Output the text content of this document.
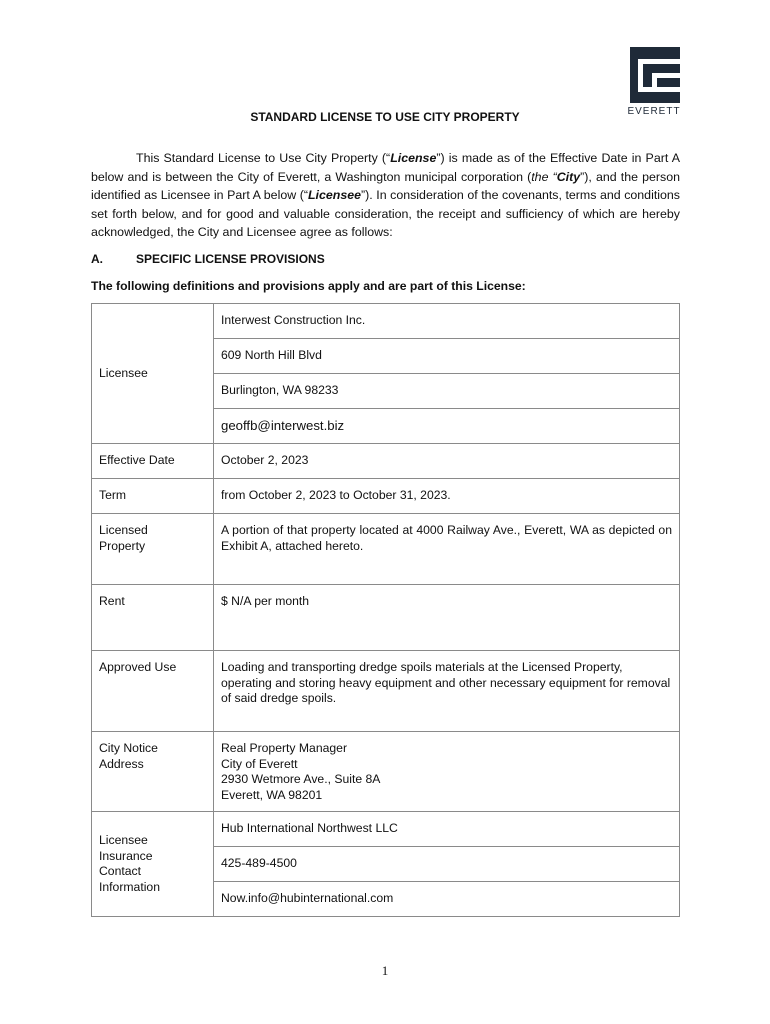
EVERETT
STANDARD LICENSE TO USE CITY PROPERTY
This Standard License to Use City Property (“License”) is made as of the Effective Date in Part A below and is between the City of Everett, a Washington municipal corporation (the “City”), and the person identified as Licensee in Part A below (“Licensee”). In consideration of the covenants, terms and conditions set forth below, and for good and valuable consideration, the receipt and sufficiency of which are hereby acknowledged, the City and Licensee agree as follows:
A.	SPECIFIC LICENSE PROVISIONS
The following definitions and provisions apply and are part of this License:
Licensee	Interwest Construction Inc.
	609 North Hill Blvd
	Burlington, WA 98233
	geoffb@interwest.biz
Effective Date	October 2, 2023
Term	from October 2, 2023 to October 31, 2023.
Licensed
Property	A portion of that property located at 4000 Railway Ave., Everett, WA as depicted on Exhibit A, attached hereto.
Rent	$ N/A per month
Approved Use	Loading and transporting dredge spoils materials at the Licensed Property, operating and storing heavy equipment and other necessary equipment for removal of said dredge spoils.
City Notice
Address	Real Property Manager
City of Everett
2930 Wetmore Ave., Suite 8A
Everett, WA 98201
Licensee
Insurance
Contact
Information	Hub International Northwest LLC
	425-489-4500
	Now.info@hubinternational.com
1
